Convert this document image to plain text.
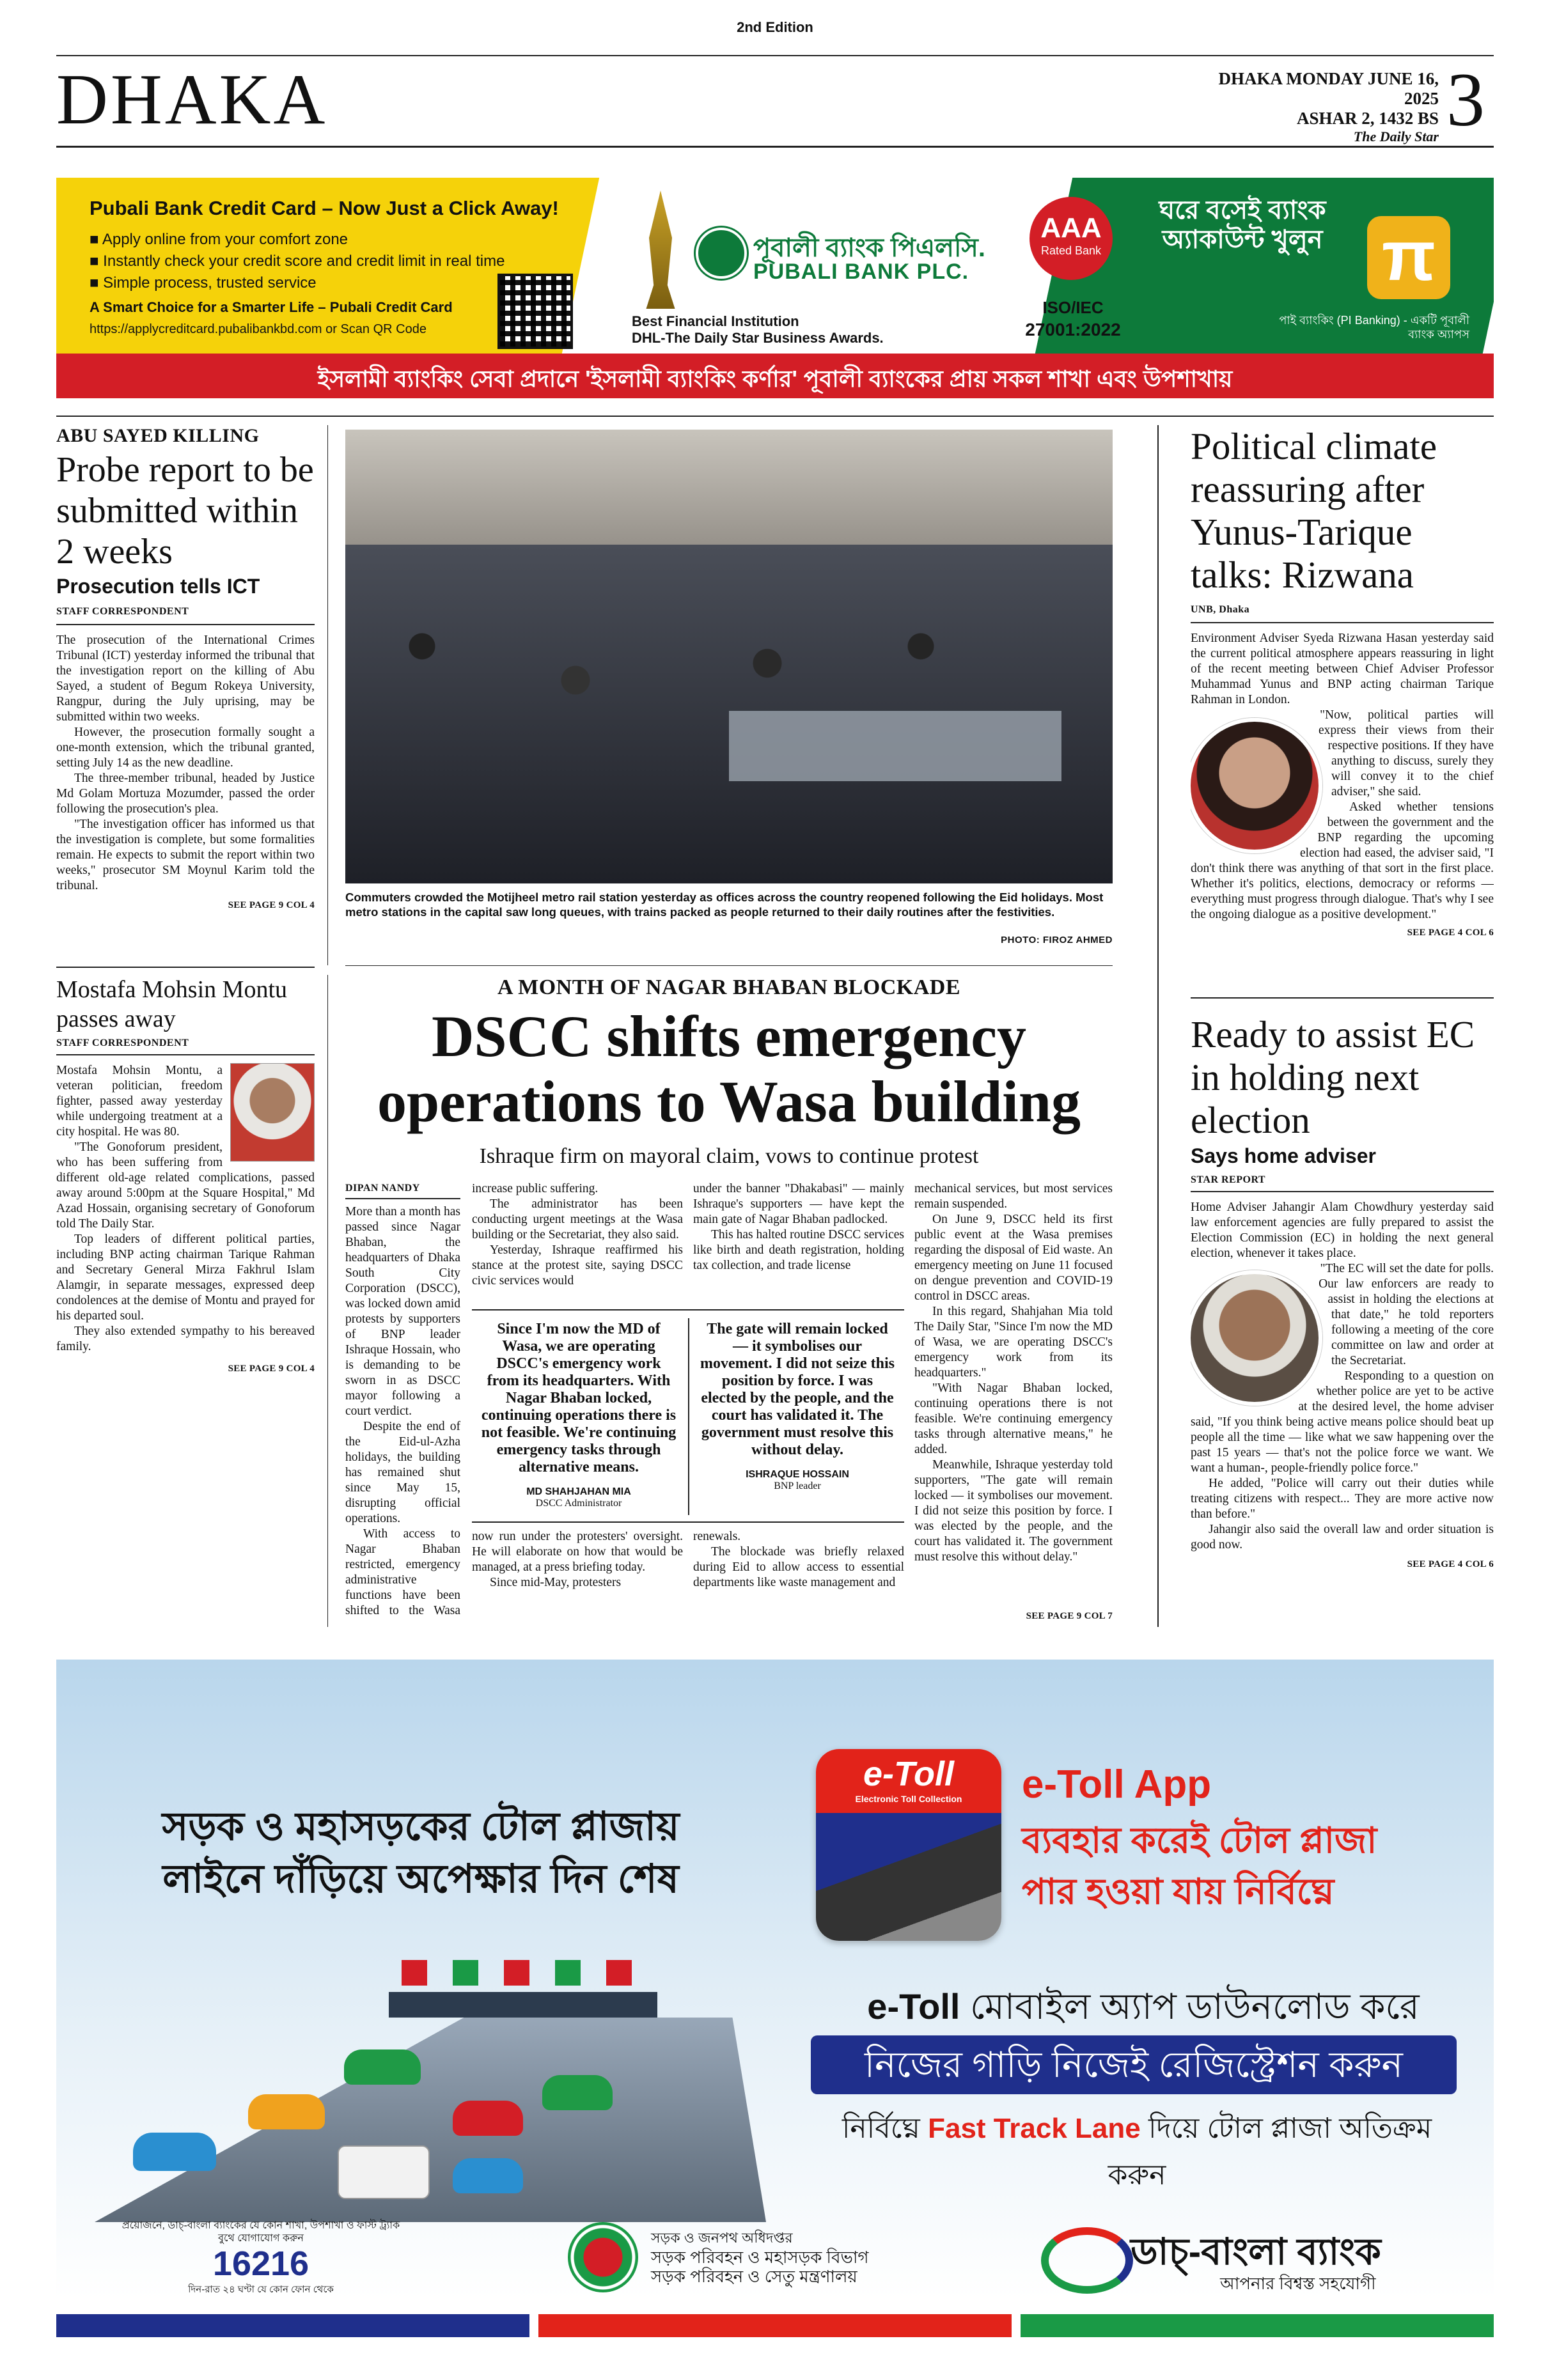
2nd Edition
DHAKA	DHAKA MONDAY JUNE 16, 2025
ASHAR 2, 1432 BS
The Daily Star 3
Pubali Bank Credit Card – Now Just a Click Away!
■ Apply online from your comfort zone
■ Instantly check your credit score and credit limit in real time
■ Simple process, trusted service
A Smart Choice for a Smarter Life – Pubali Credit Card
https://applycreditcard.pubalibankbd.com or Scan QR Code
পূবালী ব্যাংক পিএলসি.
PUBALI BANK PLC.
Best Financial Institution
DHL-The Daily Star Business Awards.
AAA
Rated Bank
ISO/IEC
27001:2022
ঘরে বসেই ব্যাংক অ্যাকাউন্ট খুলুন π
পাই ব্যাংকিং (PI Banking) - একটি পূবালী ব্যাংক অ্যাপস
ইসলামী ব্যাংকিং সেবা প্রদানে 'ইসলামী ব্যাংকিং কর্ণার' পূবালী ব্যাংকের প্রায় সকল শাখা এবং উপশাখায়
ABU SAYED KILLING
Probe report to be submitted within 2 weeks
Prosecution tells ICT
STAFF CORRESPONDENT

The prosecution of the International Crimes Tribunal (ICT) yesterday informed the tribunal that the investigation report on the killing of Abu Sayed, a student of Begum Rokeya University, Rangpur, during the July uprising, may be submitted within two weeks.

However, the prosecution formally sought a one-month extension, which the tribunal granted, setting July 14 as the new deadline.

The three-member tribunal, headed by Justice Md Golam Mortuza Mozumder, passed the order following the prosecution's plea.

"The investigation officer has informed us that the investigation is complete, but some formalities remain. He expects to submit the report within two weeks," prosecutor SM Moynul Karim told the tribunal.

SEE PAGE 9 COL 4
Commuters crowded the Motijheel metro rail station yesterday as offices across the country reopened following the Eid holidays. Most metro stations in the capital saw long queues, with trains packed as people returned to their daily routines after the festivities.
PHOTO: FIROZ AHMED
Political climate reassuring after Yunus-Tarique talks: Rizwana
UNB, Dhaka

Environment Adviser Syeda Rizwana Hasan yesterday said the current political atmosphere appears reassuring in light of the recent meeting between Chief Adviser Professor Muhammad Yunus and BNP acting chairman Tarique Rahman in London.

"Now, political parties will express their views from their respective positions. If they have anything to discuss, surely they will convey it to the chief adviser," she said.

Asked whether tensions between the government and the BNP regarding the upcoming election had eased, the adviser said, "I don't think there was anything of that sort in the first place. Whether it's politics, elections, democracy or reforms — everything must progress through dialogue. That's why I see the ongoing dialogue as a positive development."

SEE PAGE 4 COL 6
Mostafa Mohsin Montu passes away
STAFF CORRESPONDENT

Mostafa Mohsin Montu, a veteran politician, freedom fighter, passed away yesterday while undergoing treatment at a city hospital. He was 80.

"The Gonoforum president, who has been suffering from different old-age related complications, passed away around 5:00pm at the Square Hospital," Md Azad Hossain, organising secretary of Gonoforum told The Daily Star.

Top leaders of different political parties, including BNP acting chairman Tarique Rahman and Secretary General Mirza Fakhrul Islam Alamgir, in separate messages, expressed deep condolences at the demise of Montu and prayed for his departed soul.

They also extended sympathy to his bereaved family.

SEE PAGE 9 COL 4
A MONTH OF NAGAR BHABAN BLOCKADE
DSCC shifts emergency operations to Wasa building
Ishraque firm on mayoral claim, vows to continue protest
DIPAN NANDY

More than a month has passed since Nagar Bhaban, the headquarters of Dhaka South City Corporation (DSCC), was locked down amid protests by supporters of BNP leader Ishraque Hossain, who is demanding to be sworn in as DSCC mayor following a court verdict.

Despite the end of the Eid-ul-Azha holidays, the building has remained shut since May 15, disrupting official operations.

With access to Nagar Bhaban restricted, emergency administrative functions have been shifted to the Wasa

increase public suffering.

The administrator has been conducting urgent meetings at the Wasa building or the Secretariat, they also said.

Yesterday, Ishraque reaffirmed his stance at the protest site, saying DSCC civic services would

under the banner "Dhakabasi" — mainly Ishraque's supporters — have kept the main gate of Nagar Bhaban padlocked.

This has halted routine DSCC services like birth and death registration, holding tax collection, and trade license

Since I'm now the MD of Wasa, we are operating DSCC's emergency work from its headquarters. With Nagar Bhaban locked, continuing operations there is not feasible. We're continuing emergency tasks through alternative means.
MD SHAHJAHAN MIA
DSCC Administrator
The gate will remain locked — it symbolises our movement. I did not seize this position by force. I was elected by the people, and the court has validated it. The government must resolve this without delay.
ISHRAQUE HOSSAIN
BNP leader

now run under the protesters' oversight. He will elaborate on how that would be managed, at a press briefing today.

Since mid-May, protesters

renewals.

The blockade was briefly relaxed during Eid to allow access to essential departments like waste management and

mechanical services, but most services remain suspended.

On June 9, DSCC held its first public event at the Wasa premises regarding the disposal of Eid waste. An emergency meeting on June 11 focused on dengue prevention and COVID-19 control in DSCC areas.

In this regard, Shahjahan Mia told The Daily Star, "Since I'm now the MD of Wasa, we are operating DSCC's emergency work from its headquarters."

"With Nagar Bhaban locked, continuing operations there is not feasible. We're continuing emergency tasks through alternative means," he added.

Meanwhile, Ishraque yesterday told supporters, "The gate will remain locked — it symbolises our movement. I did not seize this position by force. I was elected by the people, and the court has validated it. The government must resolve this without delay."

SEE PAGE 9 COL 7
Ready to assist EC in holding next election
Says home adviser
STAR REPORT

Home Adviser Jahangir Alam Chowdhury yesterday said law enforcement agencies are fully prepared to assist the Election Commission (EC) in holding the next general election, whenever it takes place.

"The EC will set the date for polls. Our law enforcers are ready to assist in holding the elections at that date," he told reporters following a meeting of the core committee on law and order at the Secretariat.

Responding to a question on whether police are yet to be active at the desired level, the home adviser said, "If you think being active means police should beat up people all the time — like what we saw happening over the past 15 years — that's not the police force we want. We want a human-, people-friendly police force."

He added, "Police will carry out their duties while treating citizens with respect... They are more active now than before."

Jahangir also said the overall law and order situation is good now.

SEE PAGE 4 COL 6
সড়ক ও মহাসড়কের টোল প্লাজায়
লাইনে দাঁড়িয়ে অপেক্ষার দিন শেষ
e-Toll
Electronic Toll Collection	e-Toll App
ব্যবহার করেই টোল প্লাজা
পার হওয়া যায় নির্বিঘ্নে
e-Toll মোবাইল অ্যাপ ডাউনলোড করে
নিজের গাড়ি নিজেই রেজিস্ট্রেশন করুন
নির্বিঘ্নে Fast Track Lane দিয়ে টোল প্লাজা অতিক্রম করুন
প্রয়োজনে, ডাচ্-বাংলা ব্যাংকের যে কোন শাখা, উপশাখা ও ফাস্ট ট্র্যাক বুথে যোগাযোগ করুন
16216
দিন-রাত ২৪ ঘণ্টা যে কোন ফোন থেকে
সড়ক ও জনপথ অধিদপ্তর
সড়ক পরিবহন ও মহাসড়ক বিভাগ
সড়ক পরিবহন ও সেতু মন্ত্রণালয়
ডাচ্-বাংলা ব্যাংক
আপনার বিশ্বস্ত সহযোগী
